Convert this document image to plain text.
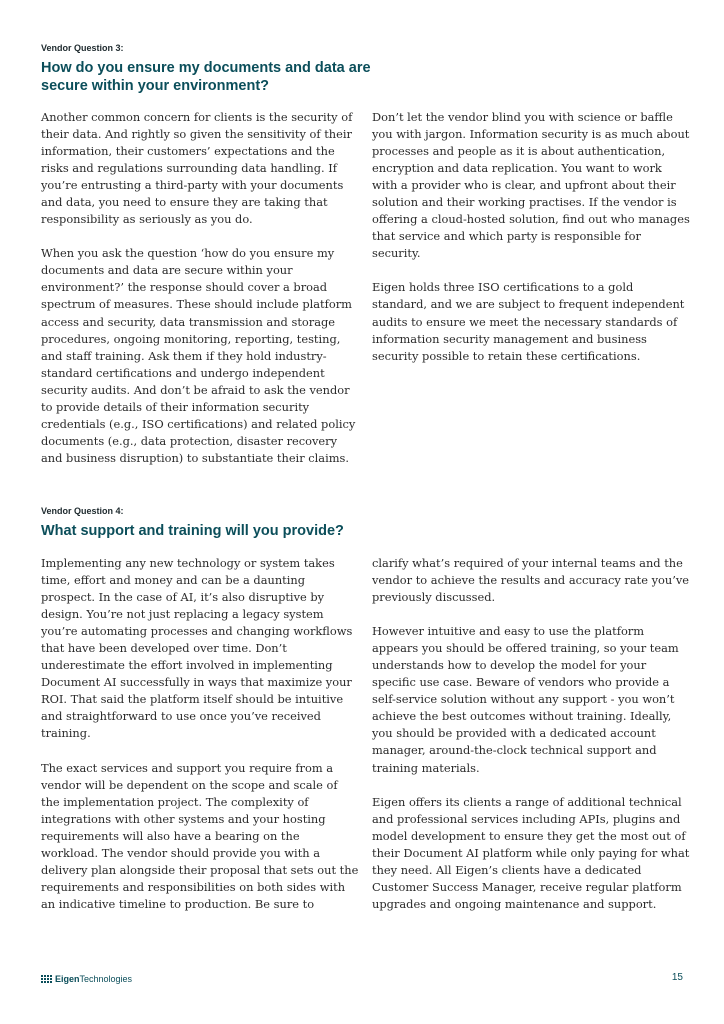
Vendor Question 3:
How do you ensure my documents and data are secure within your environment?

Another common concern for clients is the security of their data. And rightly so given the sensitivity of their information, their customers’ expectations and the risks and regulations surrounding data handling. If you’re entrusting a third-party with your documents and data, you need to ensure they are taking that responsibility as seriously as you do.

When you ask the question ‘how do you ensure my documents and data are secure within your environment?’ the response should cover a broad spectrum of measures. These should include platform access and security, data transmission and storage procedures, ongoing monitoring, reporting, testing, and staff training. Ask them if they hold industry-standard certifications and undergo independent security audits. And don’t be afraid to ask the vendor to provide details of their information security credentials (e.g., ISO certifications) and related policy documents (e.g., data protection, disaster recovery and business disruption) to substantiate their claims.

Don’t let the vendor blind you with science or baffle you with jargon. Information security is as much about processes and people as it is about authentication, encryption and data replication. You want to work with a provider who is clear, and upfront about their solution and their working practises. If the vendor is offering a cloud-hosted solution, find out who manages that service and which party is responsible for security.

Eigen holds three ISO certifications to a gold standard, and we are subject to frequent independent audits to ensure we meet the necessary standards of information security management and business security possible to retain these certifications.

Vendor Question 4:
What support and training will you provide?

Implementing any new technology or system takes time, effort and money and can be a daunting prospect. In the case of AI, it’s also disruptive by design. You’re not just replacing a legacy system you’re automating processes and changing workflows that have been developed over time. Don’t underestimate the effort involved in implementing Document AI successfully in ways that maximize your ROI. That said the platform itself should be intuitive and straightforward to use once you’ve received training.

The exact services and support you require from a vendor will be dependent on the scope and scale of the implementation project. The complexity of integrations with other systems and your hosting requirements will also have a bearing on the workload. The vendor should provide you with a delivery plan alongside their proposal that sets out the requirements and responsibilities on both sides with an indicative timeline to production. Be sure to

clarify what’s required of your internal teams and the vendor to achieve the results and accuracy rate you’ve previously discussed.

However intuitive and easy to use the platform appears you should be offered training, so your team understands how to develop the model for your specific use case. Beware of vendors who provide a self-service solution without any support - you won’t achieve the best outcomes without training. Ideally, you should be provided with a dedicated account manager, around-the-clock technical support and training materials.

Eigen offers its clients a range of additional technical and professional services including APIs, plugins and model development to ensure they get the most out of their Document AI platform while only paying for what they need. All Eigen’s clients have a dedicated Customer Success Manager, receive regular platform upgrades and ongoing maintenance and support.

EigenTechnologies	15
